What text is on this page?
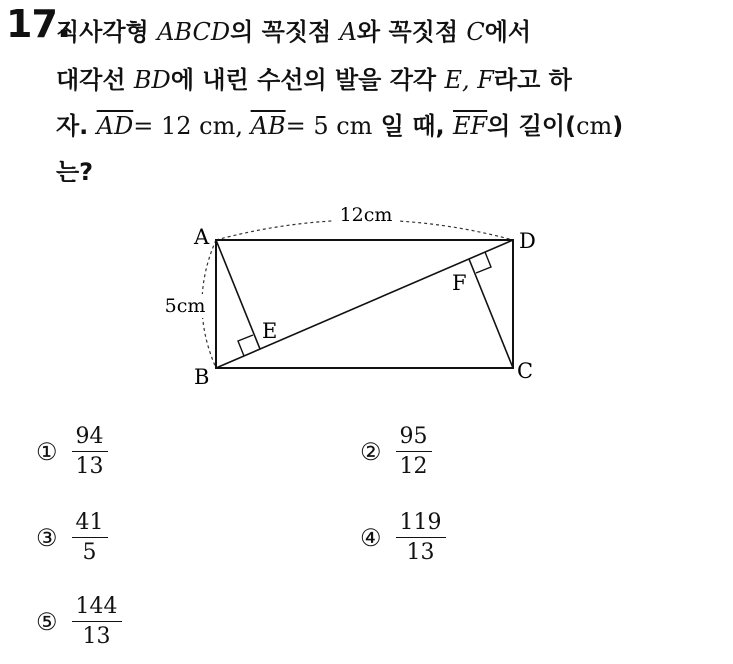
17.
직사각형 ABCD의 꼭짓점 A와 꼭짓점 C에서
대각선 BD에 내린 수선의 발을 각각 E, F라고 하
자. $\overline{AD}= 12$ cm, $\overline{AB}= 5$ cm 일 때, $\overline{EF}$의 길이(cm)
는?
12cm
5cm
A
B	C
D
E
F
① $\frac{94}{13}$	② $\frac{95}{12}$
③ $\frac{41}{5}$	④ $\frac{119}{13}$
⑤ $\frac{144}{13}$
